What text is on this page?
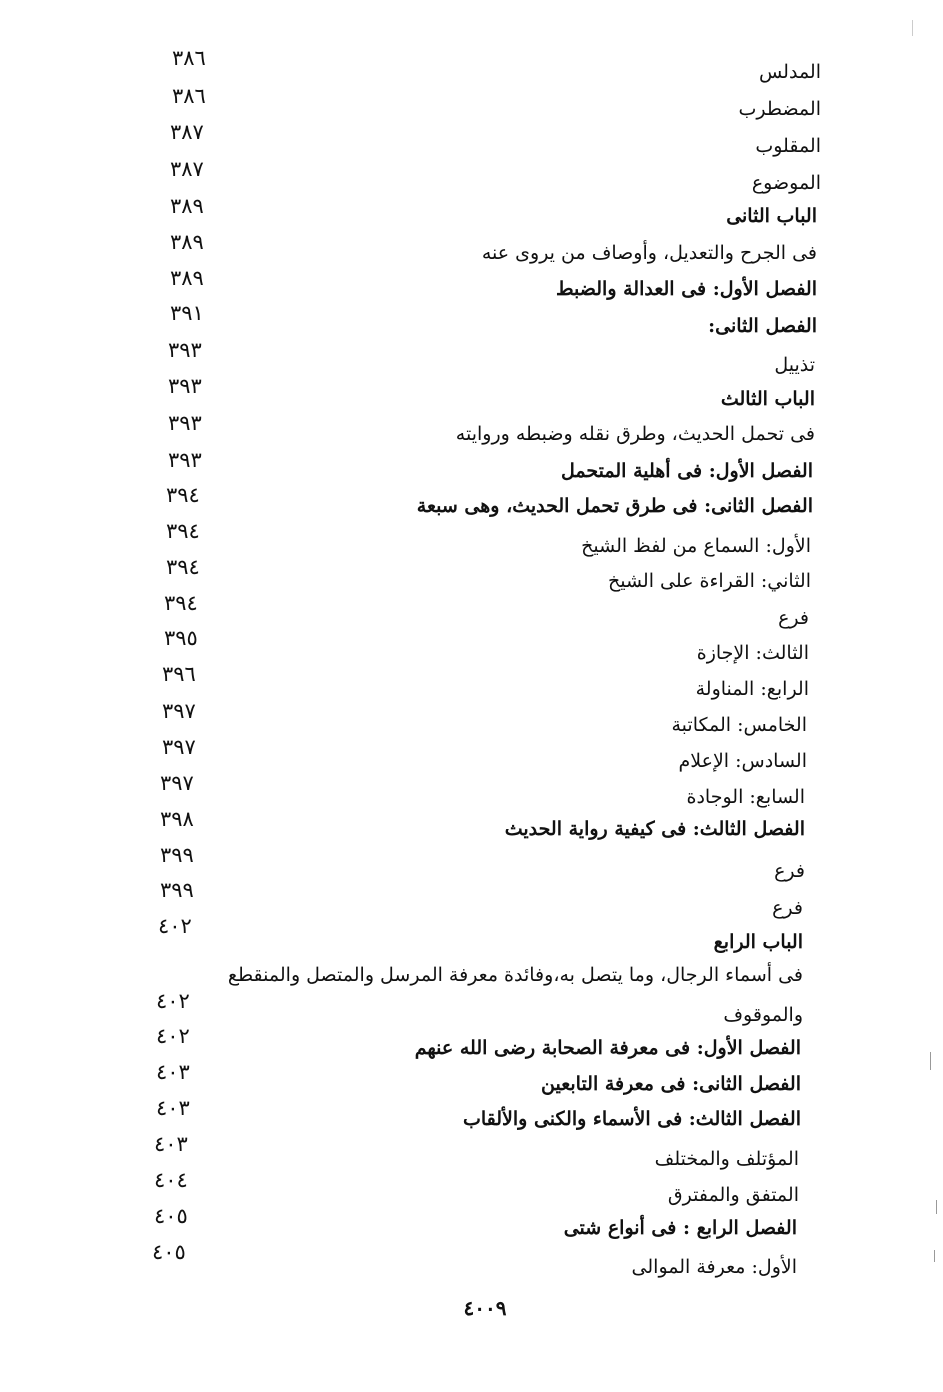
المدلس
المضطرب
المقلوب
الموضوع
الباب الثانى
فى الجرح والتعديل، وأوصاف من يروى عنه
الفصل الأول: فى العدالة والضبط
الفصل الثانى:
تذييل
الباب الثالث
فى تحمل الحديث، وطرق نقله وضبطه وروايته
الفصل الأول: فى أهلية المتحمل
الفصل الثانى: فى طرق تحمل الحديث، وهى سبعة
الأول: السماع من لفظ الشيخ
الثاني: القراءة على الشيخ
فرع
الثالث: الإجازة
الرابع: المناولة
الخامس: المكاتبة
السادس: الإعلام
السابع: الوجادة
الفصل الثالث: فى كيفية رواية الحديث
فرع
فرع
الباب الرابع
فى أسماء الرجال، وما يتصل به،وفائدة معرفة المرسل والمتصل والمنقطع
والموقوف
الفصل الأول: فى معرفة الصحابة رضى الله عنهم
الفصل الثانى: فى معرفة التابعين
الفصل الثالث: فى الأسماء والكنى والألقاب
المؤتلف والمختلف
المتفق والمفترق
الفصل الرابع : فى أنواع شتى
الأول: معرفة الموالى
٣٨٦
٣٨٦
٣٨٧
٣٨٧
٣٨٩
٣٨٩
٣٨٩
٣٩١
٣٩٣
٣٩٣
٣٩٣
٣٩٣
٣٩٤
٣٩٤
٣٩٤
٣٩٤
٣٩٥
٣٩٦
٣٩٧
٣٩٧
٣٩٧
٣٩٨
٣٩٩
٣٩٩
٤٠٢
٤٠٢
٤٠٢
٤٠٣
٤٠٣
٤٠٣
٤٠٤
٤٠٥
٤٠٥
٤٠٠٩
